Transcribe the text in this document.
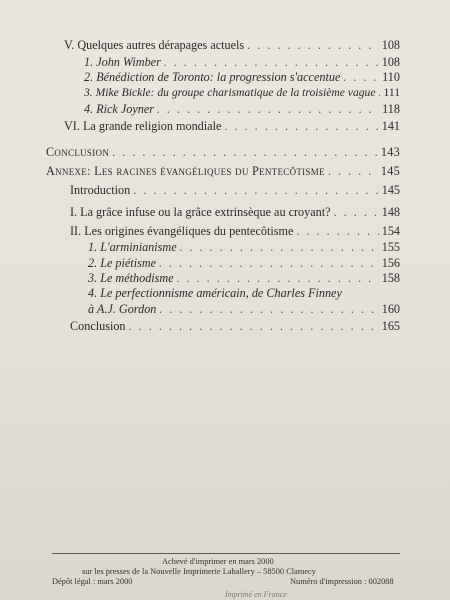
V. Quelques autres dérapages actuels . . .	108
1. John Wimber . . .	108
2. Bénédiction de Toronto: la progression s'accentue . . .	110
3. Mike Bickle: du groupe charismatique de la troisième vague . . . 111
4. Rick Joyner . . .	118
VI. La grande religion mondiale . . .	141
Conclusion . . .	143
Annexe: Les racines évangéliques du Pentecôtisme . . .	145
Introduction . . .	145
I. La grâce infuse ou la grâce extrinsèque au croyant? . . .	148
II. Les origines évangéliques du pentecôtisme . . .	154
1. L'arminianisme . . .	155
2. Le piétisme . . .	156
3. Le méthodisme . . .	158
4. Le perfectionnisme américain, de Charles Finney
à A.J. Gordon . . .	160
Conclusion . . .	165
Achevé d'imprimer en mars 2000
sur les presses de la Nouvelle Imprimerie Laballery – 58500 Clamecy
Dépôt légal : mars 2000	Numéro d'impression : 002088
Imprimé en France
